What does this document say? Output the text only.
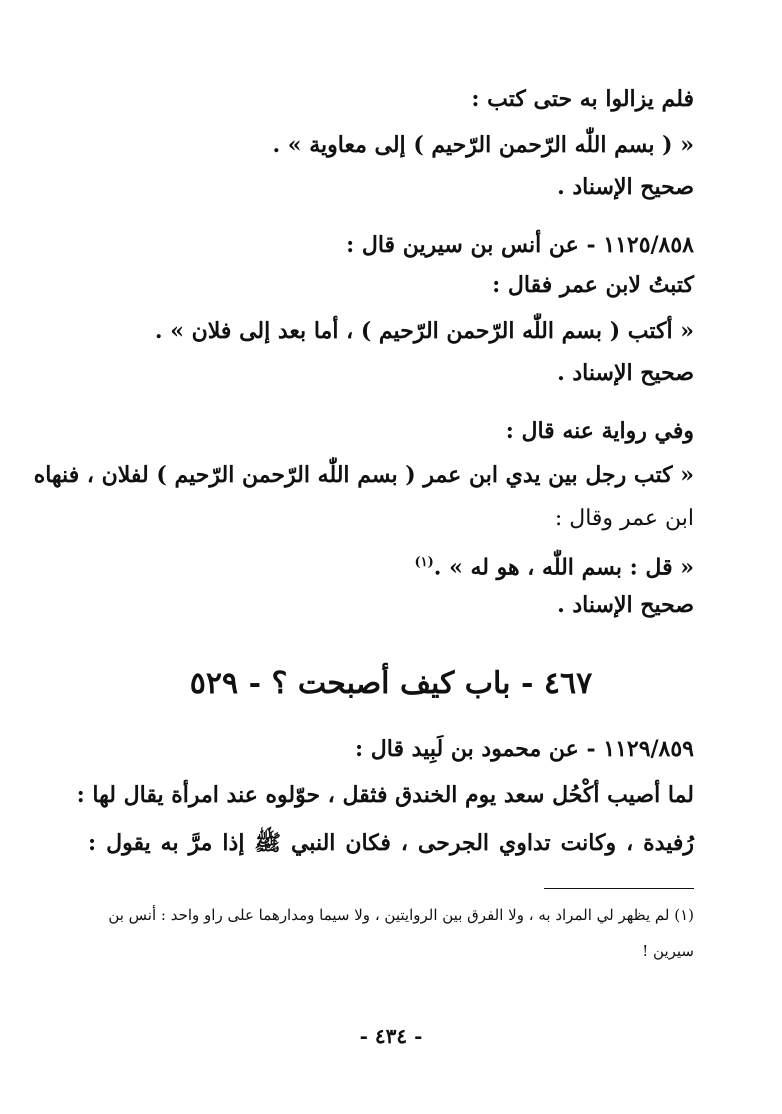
فلم يزالوا به حتى كتب :
« ( بسم اللّٰه الرّحمن الرّحيم ) إلى معاوية » .
صحيح الإسناد .
١١٢٥/٨٥٨ - عن أنس بن سيرين قال :
كتبتُ لابن عمر فقال :
« أكتب ( بسم اللّٰه الرّحمن الرّحيم ) ، أما بعد إلى فلان » .
صحيح الإسناد .
وفي رواية عنه قال :
« كتب رجل بين يدي ابن عمر ( بسم اللّٰه الرّحمن الرّحيم ) لفلان ، فنهاه
ابن عمر وقال :
« قل : بسم اللّٰه ، هو له » .$^{(١)}$
صحيح الإسناد .
٤٦٧ - باب كيف أصبحت ؟ - ٥٢٩
١١٢٩/٨٥٩ - عن محمود بن لَبِيد قال :
لما أصيب أكْحُل سعد يوم الخندق فثقل ، حوّلوه عند امرأة يقال لها :
رُفيدة ، وكانت تداوي الجرحى ، فكان النبي ﷺ إذا مرَّ به يقول :
(١) لم يظهر لي المراد به ، ولا الفرق بين الروايتين ، ولا سيما ومدارهما على راو واحد : أنس بن
سيرين !
- ٤٣٤ -
